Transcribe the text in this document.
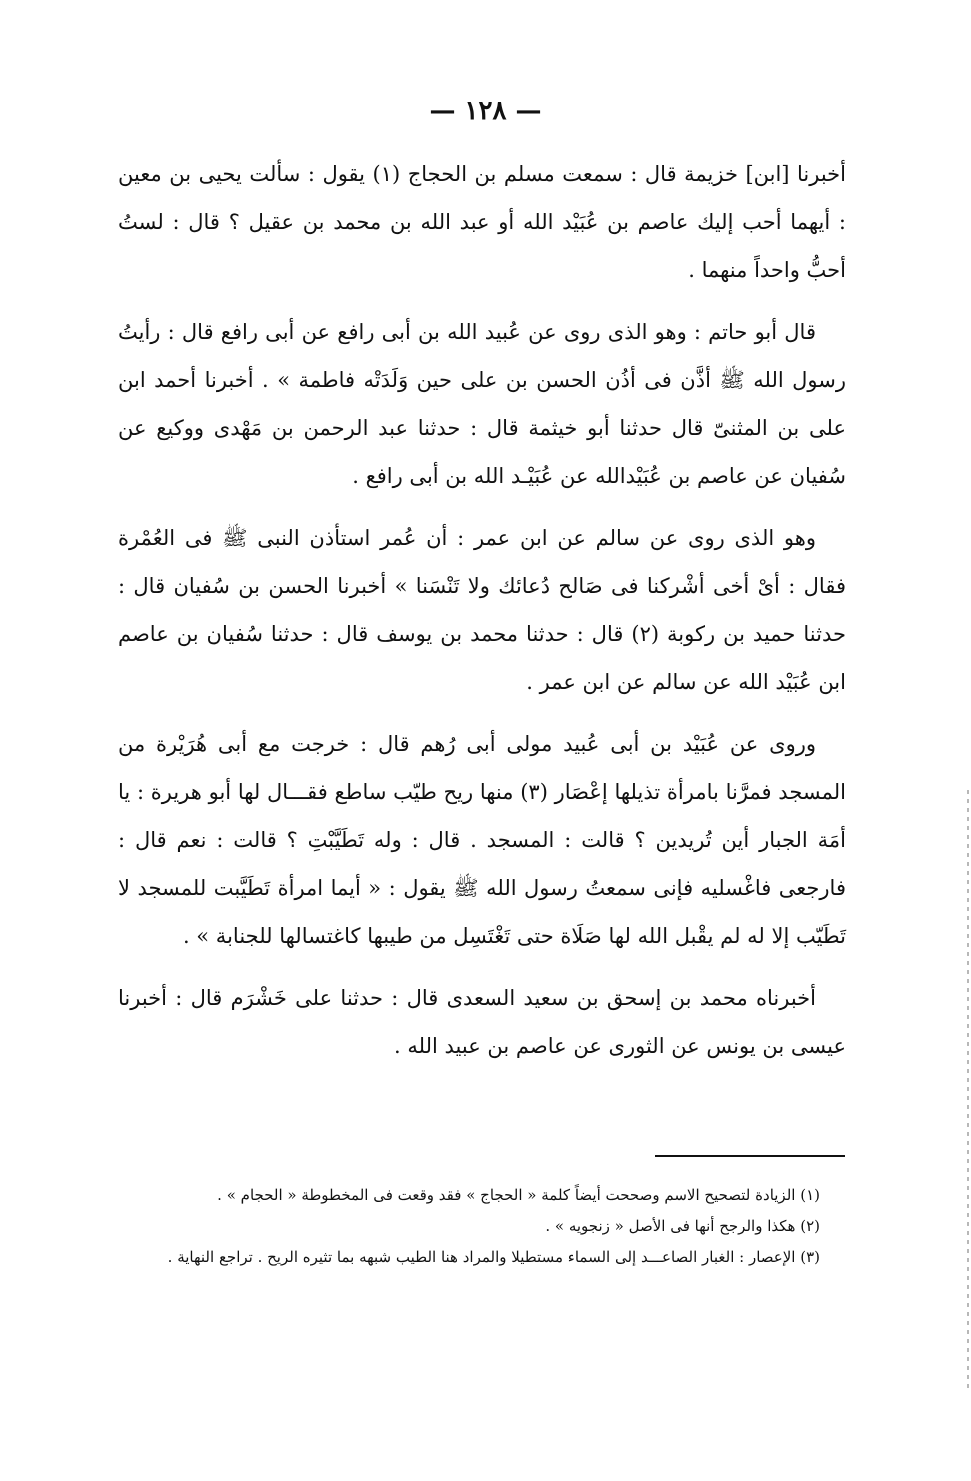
— ١٢٨ —

أخبرنا [ابن] خزيمة قال : سمعت مسلم بن الحجاج (١) يقول : سألت يحيى بن معين : أيهما أحب إليك عاصم بن عُبَيْد الله أو عبد الله بن محمد بن عقيل ؟ قال : لستُ أحبُّ واحداً منهما .

قال أبو حاتم : وهو الذى روى عن عُبيد الله بن أبى رافع عن أبى رافع قال : رأيتُ رسول الله ﷺ أذَّن فى أذُن الحسن بن على حين وَلَدَتْه فاطمة » . أخبرنا أحمد ابن على بن المثنىّ قال حدثنا أبو خيثمة قال : حدثنا عبد الرحمن بن مَهْدى ووكيع عن سُفيان عن عاصم بن عُبَيْدالله عن عُبَيْـد الله بن أبى رافع .

وهو الذى روى عن سالم عن ابن عمر : أن عُمر استأذن النبى ﷺ فى العُمْرة فقال : أىْ أخى أشْركنا فى صَالح دُعائك ولا تَنْسَنا » أخبرنا الحسن بن سُفيان قال : حدثنا حميد بن ركوبة (٢) قال : حدثنا محمد بن يوسف قال : حدثنا سُفيان بن عاصم ابن عُبَيْد الله عن سالم عن ابن عمر .

وروى عن عُبَيْد بن أبى عُبيد مولى أبى رُهم قال : خرجت مع أبى هُرَيْرة من المسجد فمرَّنا بامرأة تذيلها إعْصَار (٣) منها ريح طيّب ساطع فقـــال لها أبو هريرة : يا أمَة الجبار أين تُريدين ؟ قالت : المسجد . قال : وله تَطَيَّبْتِ ؟ قالت : نعم قال : فارجعى فاغْسليه فإنى سمعتُ رسول الله ﷺ يقول : « أيما امرأة تَطَيَّبت للمسجد لا تَطَيّب إلا له لم يقْبل الله لها صَلَاة حتى تَغْتَسِل من طيبها كاغتسالها للجنابة » .

أخبرناه محمد بن إسحق بن سعيد السعدى قال : حدثنا على خَشْرَم قال : أخبرنا عيسى بن يونس عن الثورى عن عاصم بن عبيد الله .

(١) الزيادة لتصحيح الاسم وصححت أيضاً كلمة « الحجاج » فقد وقعت فى المخطوطة « الحجام » .

(٢) هكذا والرجح أنها فى الأصل « زنجويه » .

(٣) الإعصار : الغبار الصاعـــد إلى السماء مستطيلا والمراد هنا الطيب شبهه بما تثيره الريح . تراجع النهاية .
